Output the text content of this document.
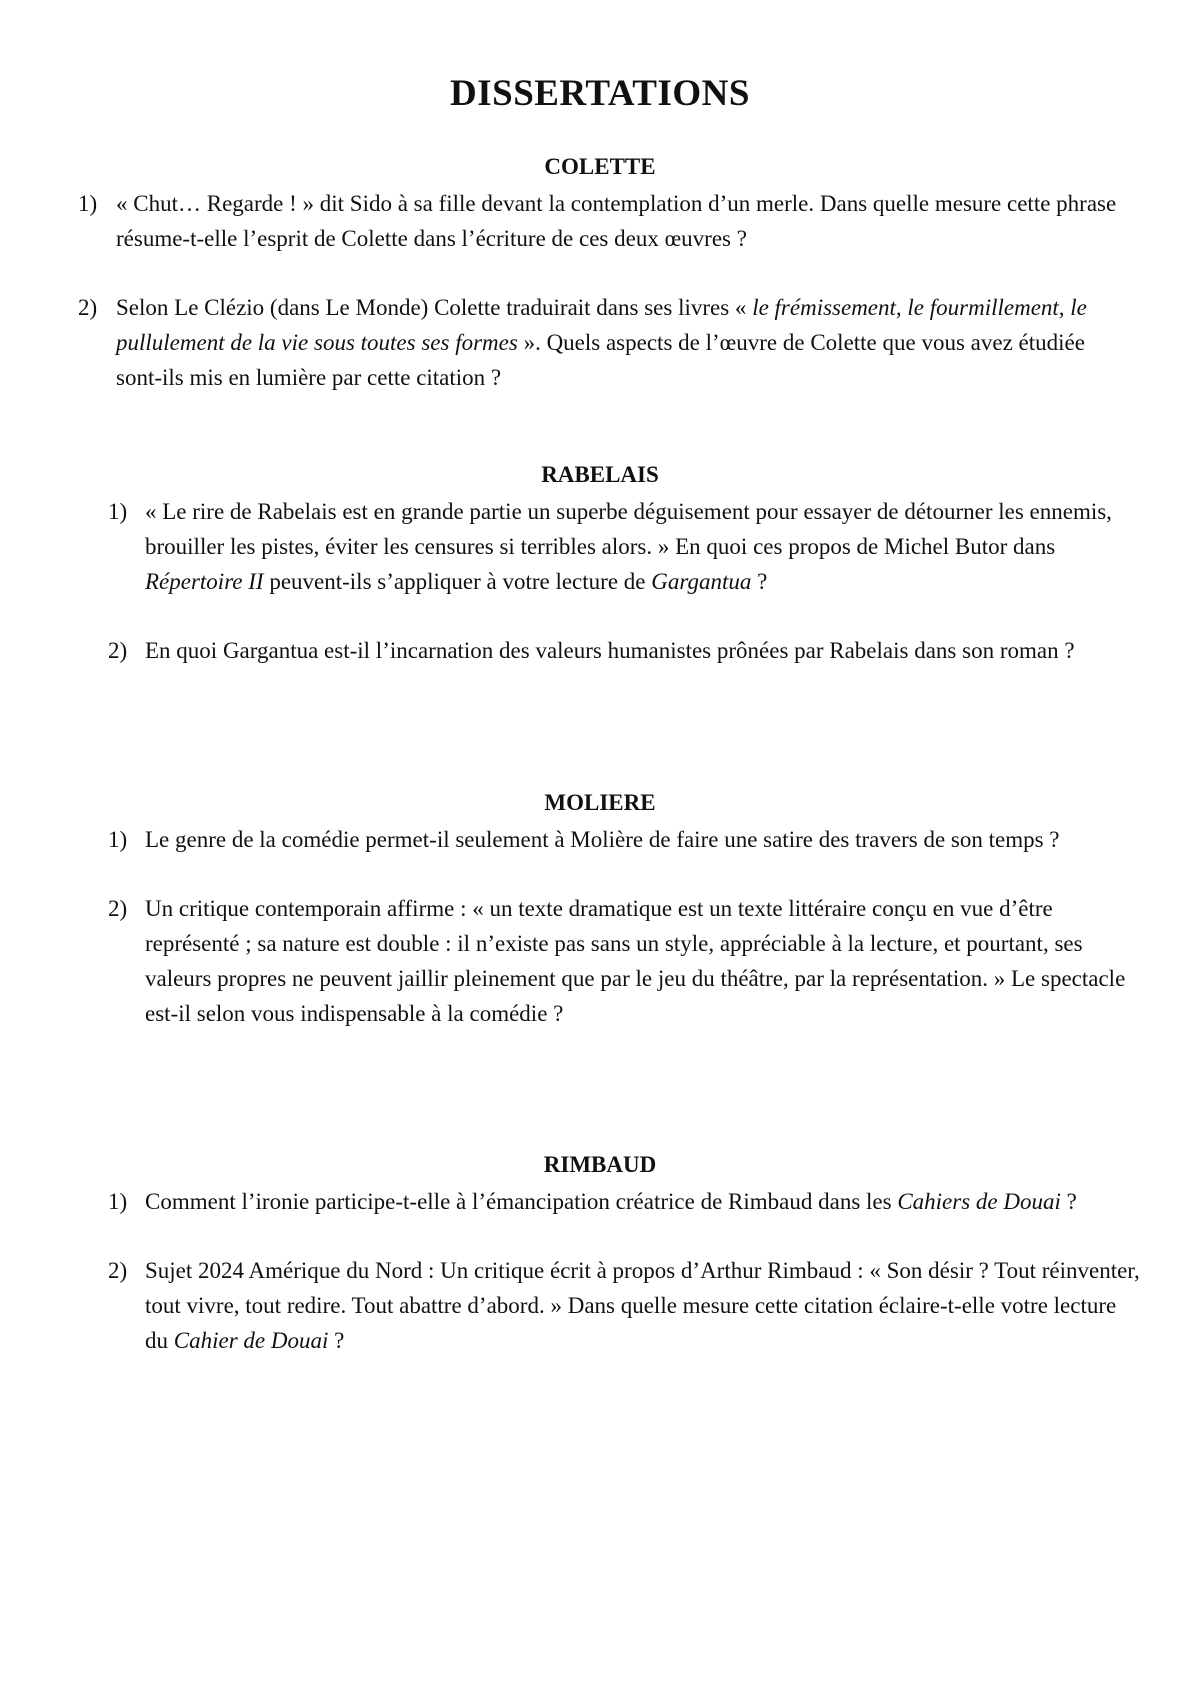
DISSERTATIONS
COLETTE
1) « Chut… Regarde ! » dit Sido à sa fille devant la contemplation d’un merle. Dans quelle mesure cette phrase résume-t-elle l’esprit de Colette dans l’écriture de ces deux œuvres ?
2) Selon Le Clézio (dans Le Monde) Colette traduirait dans ses livres « le frémissement, le fourmillement, le pullulement de la vie sous toutes ses formes ». Quels aspects de l’œuvre de Colette que vous avez étudiée sont-ils mis en lumière par cette citation ?
RABELAIS
1) « Le rire de Rabelais est en grande partie un superbe déguisement pour essayer de détourner les ennemis, brouiller les pistes, éviter les censures si terribles alors. » En quoi ces propos de Michel Butor dans Répertoire II peuvent-ils s’appliquer à votre lecture de Gargantua ?
2) En quoi Gargantua est-il l’incarnation des valeurs humanistes prônées par Rabelais dans son roman ?
MOLIERE
1) Le genre de la comédie permet-il seulement à Molière de faire une satire des travers de son temps ?
2) Un critique contemporain affirme : « un texte dramatique est un texte littéraire conçu en vue d’être représenté ; sa nature est double : il n’existe pas sans un style, appréciable à la lecture, et pourtant, ses valeurs propres ne peuvent jaillir pleinement que par le jeu du théâtre, par la représentation. » Le spectacle est-il selon vous indispensable à la comédie ?
RIMBAUD
1) Comment l’ironie participe-t-elle à l’émancipation créatrice de Rimbaud dans les Cahiers de Douai ?
2) Sujet 2024 Amérique du Nord : Un critique écrit à propos d’Arthur Rimbaud : « Son désir ? Tout réinventer, tout vivre, tout redire. Tout abattre d’abord. » Dans quelle mesure cette citation éclaire-t-elle votre lecture du Cahier de Douai ?
